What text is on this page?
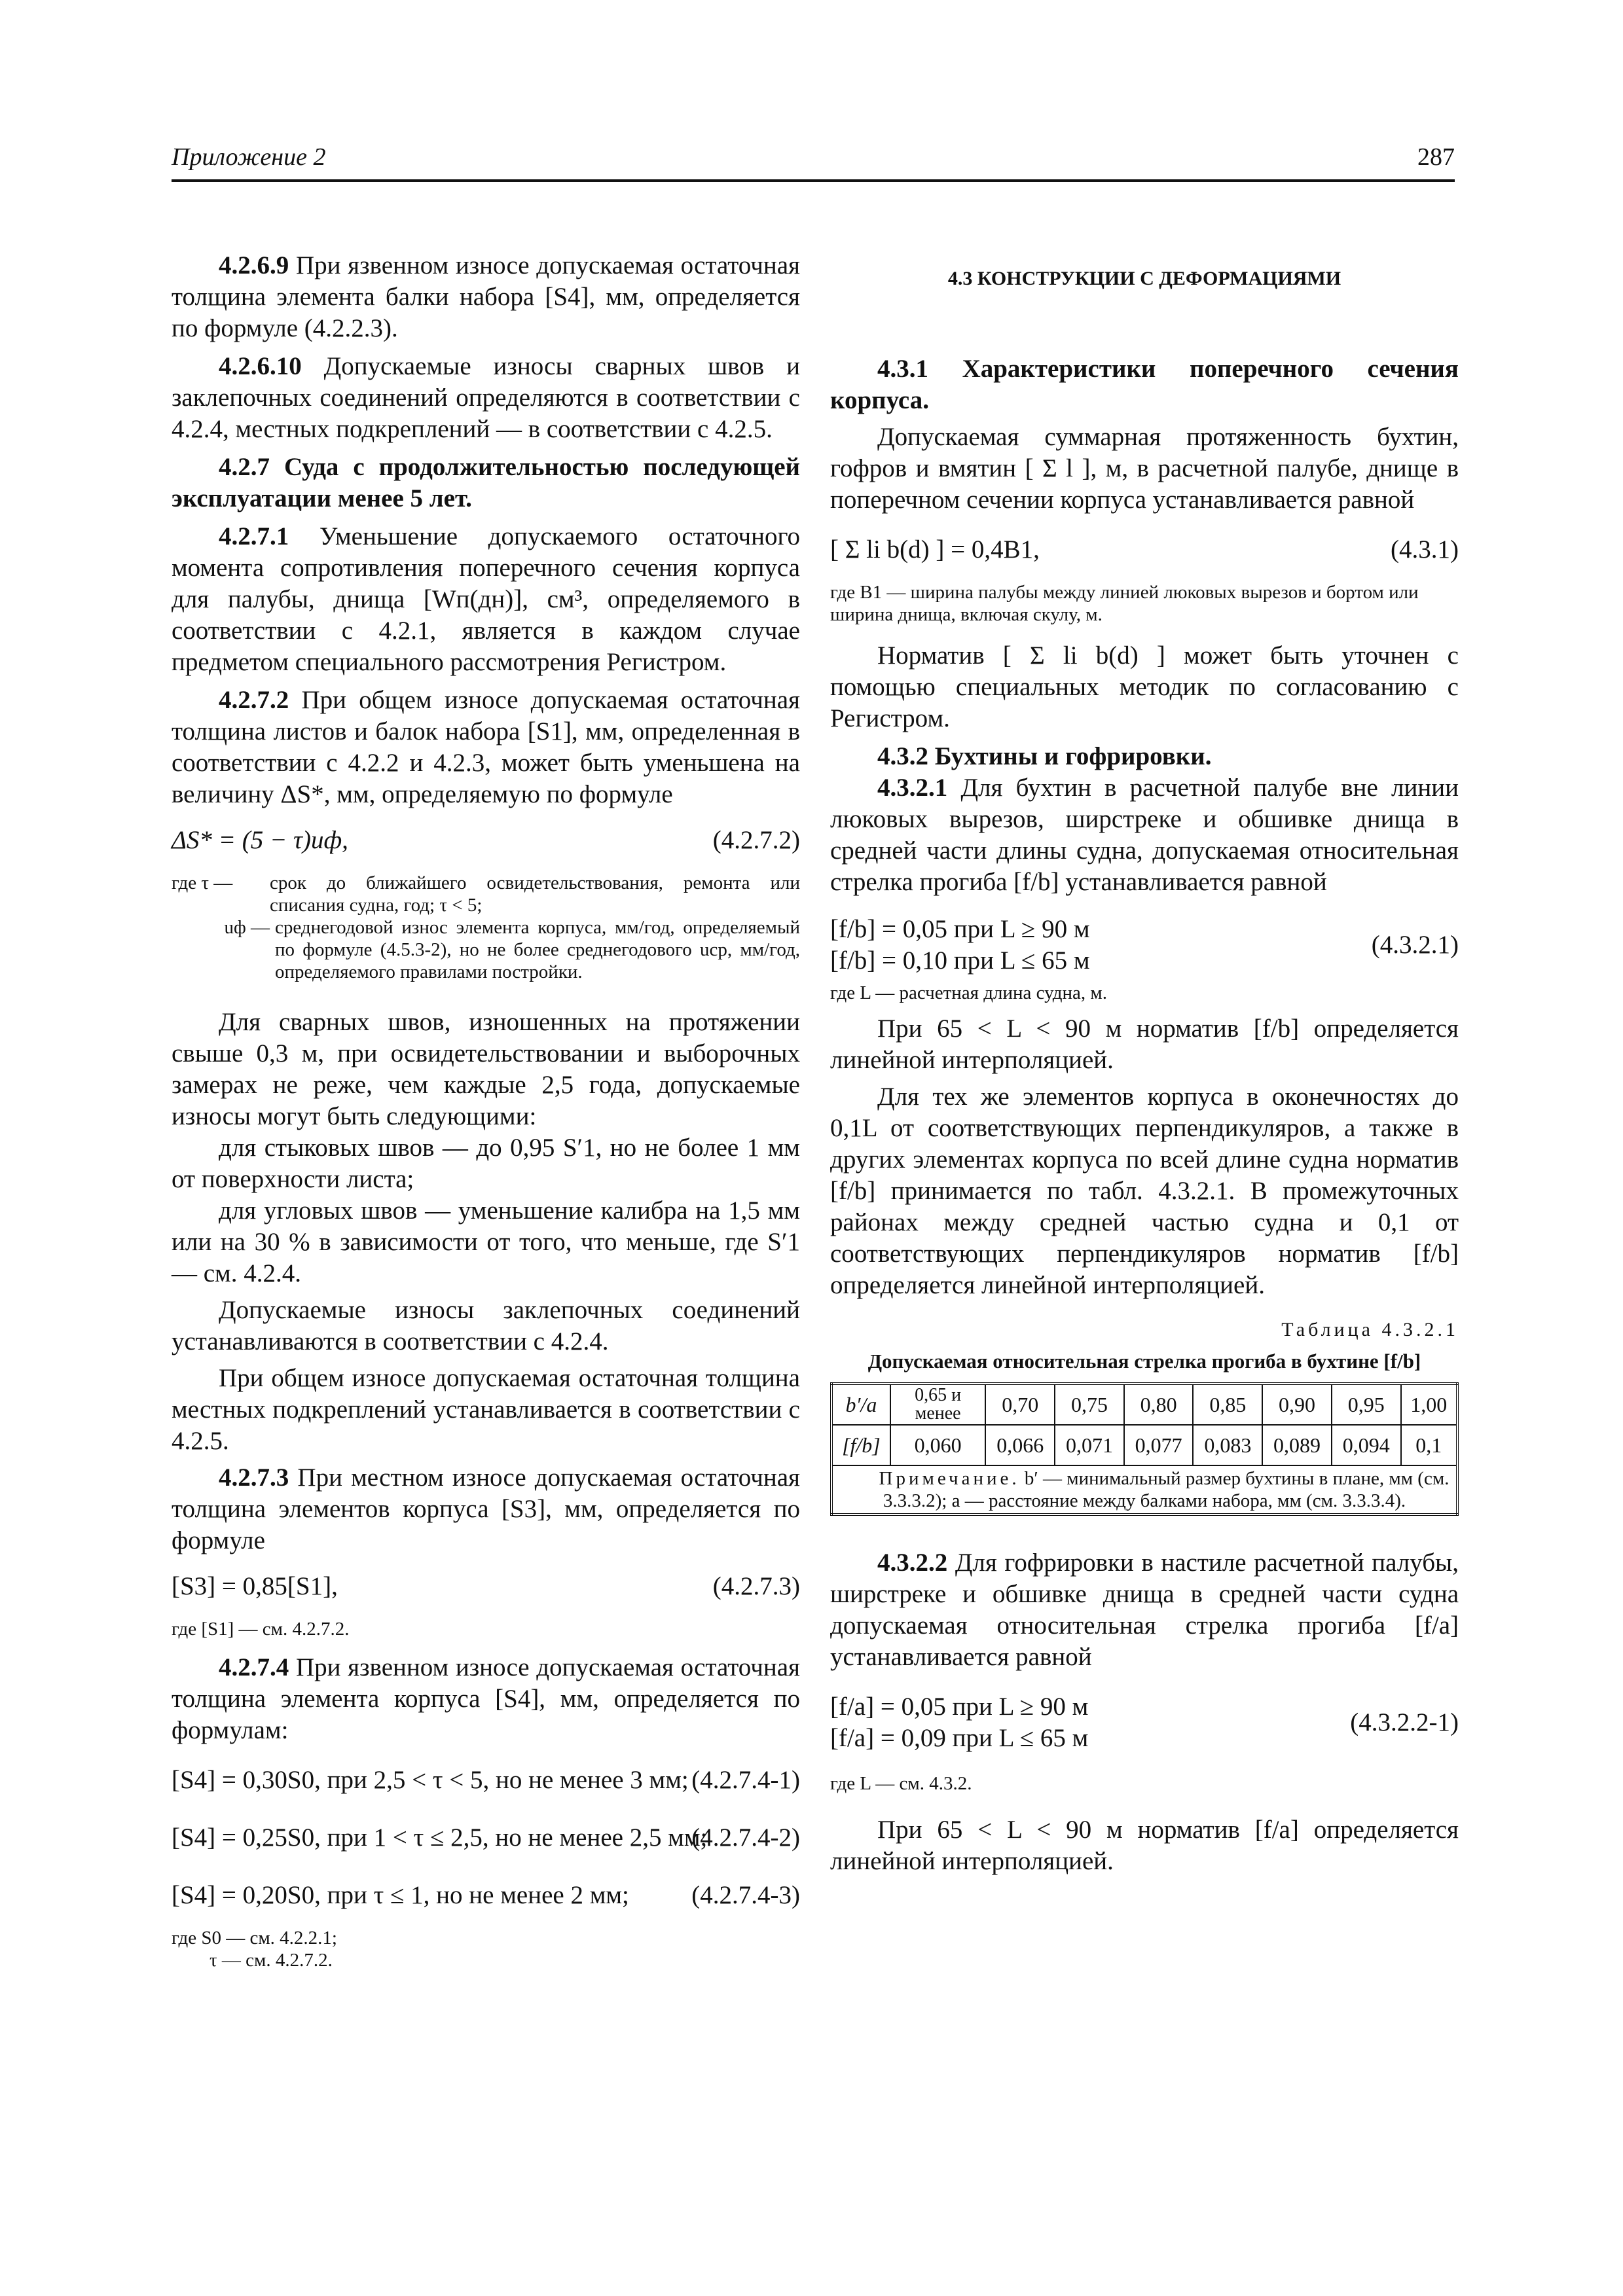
Приложение 2	287

4.2.6.9 При язвенном износе допускаемая остаточная толщина элемента балки набора [S4], мм, определяется по формуле (4.2.2.3).

4.2.6.10 Допускаемые износы сварных швов и заклепочных соединений определяются в соответствии с 4.2.4, местных подкреплений — в соответствии с 4.2.5.

4.2.7 Суда с продолжительностью последующей эксплуатации менее 5 лет.

4.2.7.1 Уменьшение допускаемого остаточного момента сопротивления поперечного сечения корпуса для палубы, днища [Wп(дн)], см³, определяемого в соответствии с 4.2.1, является в каждом случае предметом специального рассмотрения Регистром.

4.2.7.2 При общем износе допускаемая остаточная толщина листов и балок набора [S1], мм, определенная в соответствии с 4.2.2 и 4.2.3, может быть уменьшена на величину ΔS*, мм, определяемую по формуле

ΔS* = (5 − τ)uф,	(4.2.7.2)
где τ —	срок до ближайшего освидетельствования, ремонта или списания судна, год; τ < 5;
uф — среднегодовой износ элемента корпуса, мм/год, определяемый по формуле (4.5.3-2), но не более среднегодового uср, мм/год, определяемого правилами постройки.

Для сварных швов, изношенных на протяжении свыше 0,3 м, при освидетельствовании и выборочных замерах не реже, чем каждые 2,5 года, допускаемые износы могут быть следующими:

для стыковых швов — до 0,95 S′1, но не более 1 мм от поверхности листа;

для угловых швов — уменьшение калибра на 1,5 мм или на 30 % в зависимости от того, что меньше, где S′1 — см. 4.2.4.

Допускаемые износы заклепочных соединений устанавливаются в соответствии с 4.2.4.

При общем износе допускаемая остаточная толщина местных подкреплений устанавливается в соответствии с 4.2.5.

4.2.7.3 При местном износе допускаемая остаточная толщина элементов корпуса [S3], мм, определяется по формуле

[S3] = 0,85[S1],	(4.2.7.3)
где [S1] — см. 4.2.7.2.

4.2.7.4 При язвенном износе допускаемая остаточная толщина элемента корпуса [S4], мм, определяется по формулам:

[S4] = 0,30S0, при 2,5 < τ < 5, но не менее 3 мм; (4.2.7.4-1)
[S4] = 0,25S0, при 1 < τ ≤ 2,5, но не менее 2,5 мм;
(4.2.7.4-2)
[S4] = 0,20S0, при τ ≤ 1, но не менее 2 мм; (4.2.7.4-3)
где S0 — см. 4.2.2.1;
τ — см. 4.2.7.2.
4.3 КОНСТРУКЦИИ С ДЕФОРМАЦИЯМИ

4.3.1 Характеристики поперечного сечения корпуса.

Допускаемая суммарная протяженность бухтин, гофров и вмятин [ Σ l ], м, в расчетной палубе, днище в поперечном сечении корпуса устанавливается равной

[ Σ li b(d) ] = 0,4B1,	(4.3.1)
где B1 — ширина палубы между линией люковых вырезов и бортом или ширина днища, включая скулу, м.

Норматив [ Σ li b(d) ] может быть уточнен с помощью специальных методик по согласованию с Регистром.

4.3.2 Бухтины и гофрировки.

4.3.2.1 Для бухтин в расчетной палубе вне линии люковых вырезов, ширстреке и обшивке днища в средней части длины судна, допускаемая относительная стрелка прогиба [f/b] устанавливается равной

[f/b] = 0,05 при L ≥ 90 м
[f/b] = 0,10 при L ≤ 65 м
(4.3.2.1)
где L — расчетная длина судна, м.

При 65 < L < 90 м норматив [f/b] определяется линейной интерполяцией.

Для тех же элементов корпуса в оконечностях до 0,1L от соответствующих перпендикуляров, а также в других элементах корпуса по всей длине судна норматив [f/b] принимается по табл. 4.3.2.1. В промежуточных районах между средней частью судна и 0,1 от соответствующих перпендикуляров норматив [f/b] определяется линейной интерполяцией.

Таблица 4.3.2.1
Допускаемая относительная стрелка прогиба в бухтине [f/b]
b′/a	0,65 и менее	0,70	0,75	0,80	0,85	0,90	0,95	1,00
[f/b]	0,060	0,066	0,071	0,077	0,083	0,089	0,094	0,1
Примечание. b′ — минимальный размер бухтины в плане, мм (см. 3.3.3.2); a — расстояние между балками набора, мм (см. 3.3.3.4).								

4.3.2.2 Для гофрировки в настиле расчетной палубы, ширстреке и обшивке днища в средней части судна допускаемая относительная стрелка прогиба [f/a] устанавливается равной

[f/a] = 0,05 при L ≥ 90 м
[f/a] = 0,09 при L ≤ 65 м
(4.3.2.2-1)
где L — см. 4.3.2.

При 65 < L < 90 м норматив [f/a] определяется линейной интерполяцией.
